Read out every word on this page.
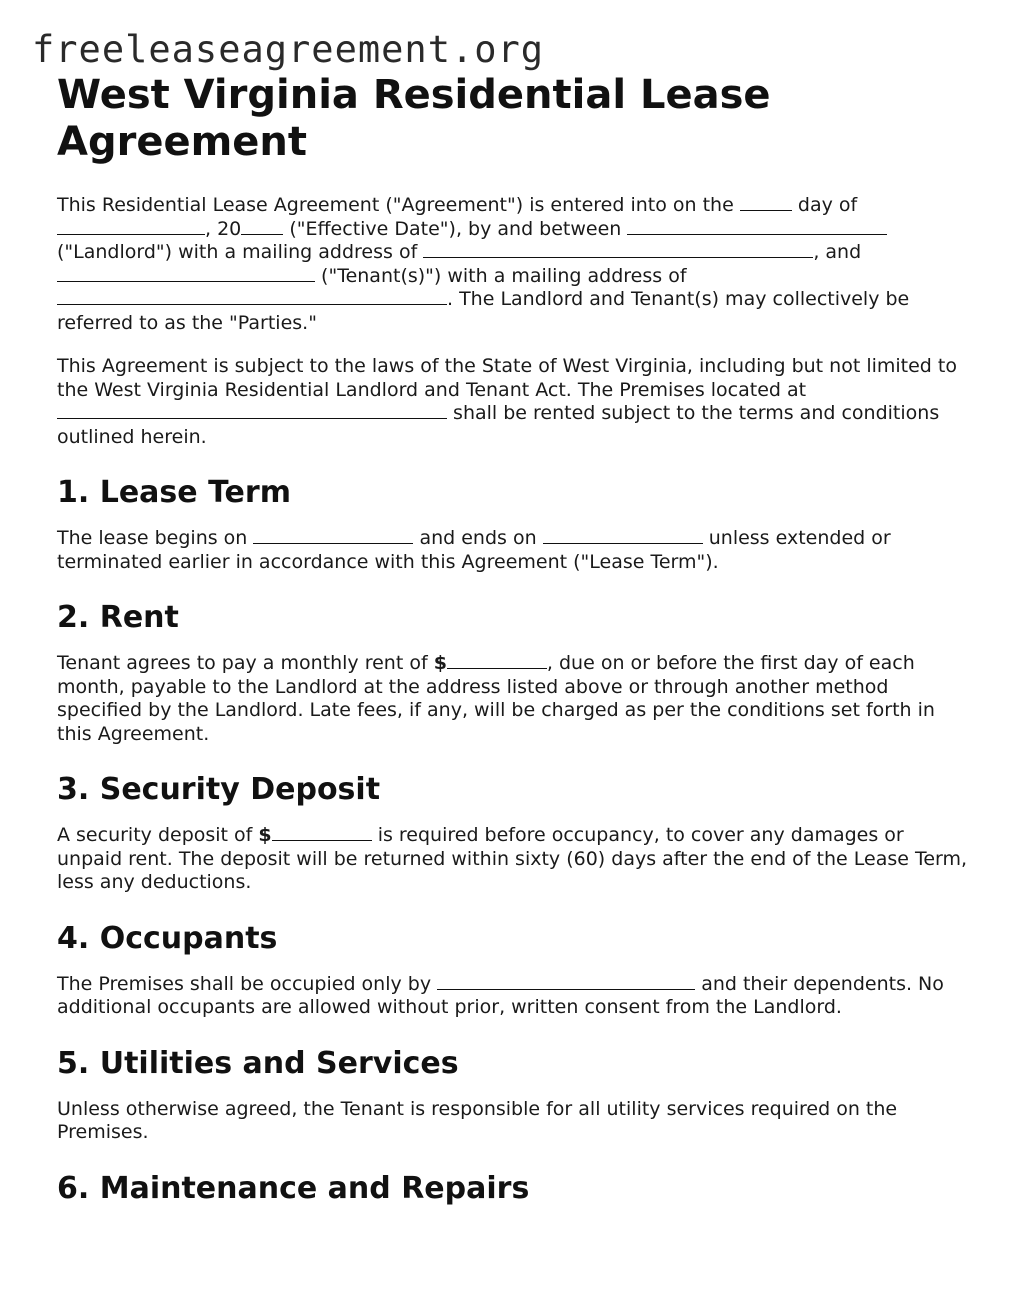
freeleaseagreement.org
West Virginia Residential Lease Agreement

This Residential Lease Agreement ("Agreement") is entered into on the	day of , 20	("Effective Date"), by and between  ("Landlord") with a mailing address of	, and  ("Tenant(s)") with a mailing address of . The Landlord and Tenant(s) may collectively be referred to as the "Parties."

This Agreement is subject to the laws of the State of West Virginia, including but not limited to the West Virginia Residential Landlord and Tenant Act. The Premises located at  shall be rented subject to the terms and conditions outlined herein.

1. Lease Term

The lease begins on	and ends on	unless extended or terminated earlier in accordance with this Agreement ("Lease Term").

2. Rent

Tenant agrees to pay a monthly rent of $	, due on or before the first day of each month, payable to the Landlord at the address listed above or through another method specified by the Landlord. Late fees, if any, will be charged as per the conditions set forth in this Agreement.

3. Security Deposit

A security deposit of $	is required before occupancy, to cover any damages or unpaid rent. The deposit will be returned within sixty (60) days after the end of the Lease Term, less any deductions.

4. Occupants

The Premises shall be occupied only by	and their dependents. No additional occupants are allowed without prior, written consent from the Landlord.

5. Utilities and Services

Unless otherwise agreed, the Tenant is responsible for all utility services required on the Premises.

6. Maintenance and Repairs
